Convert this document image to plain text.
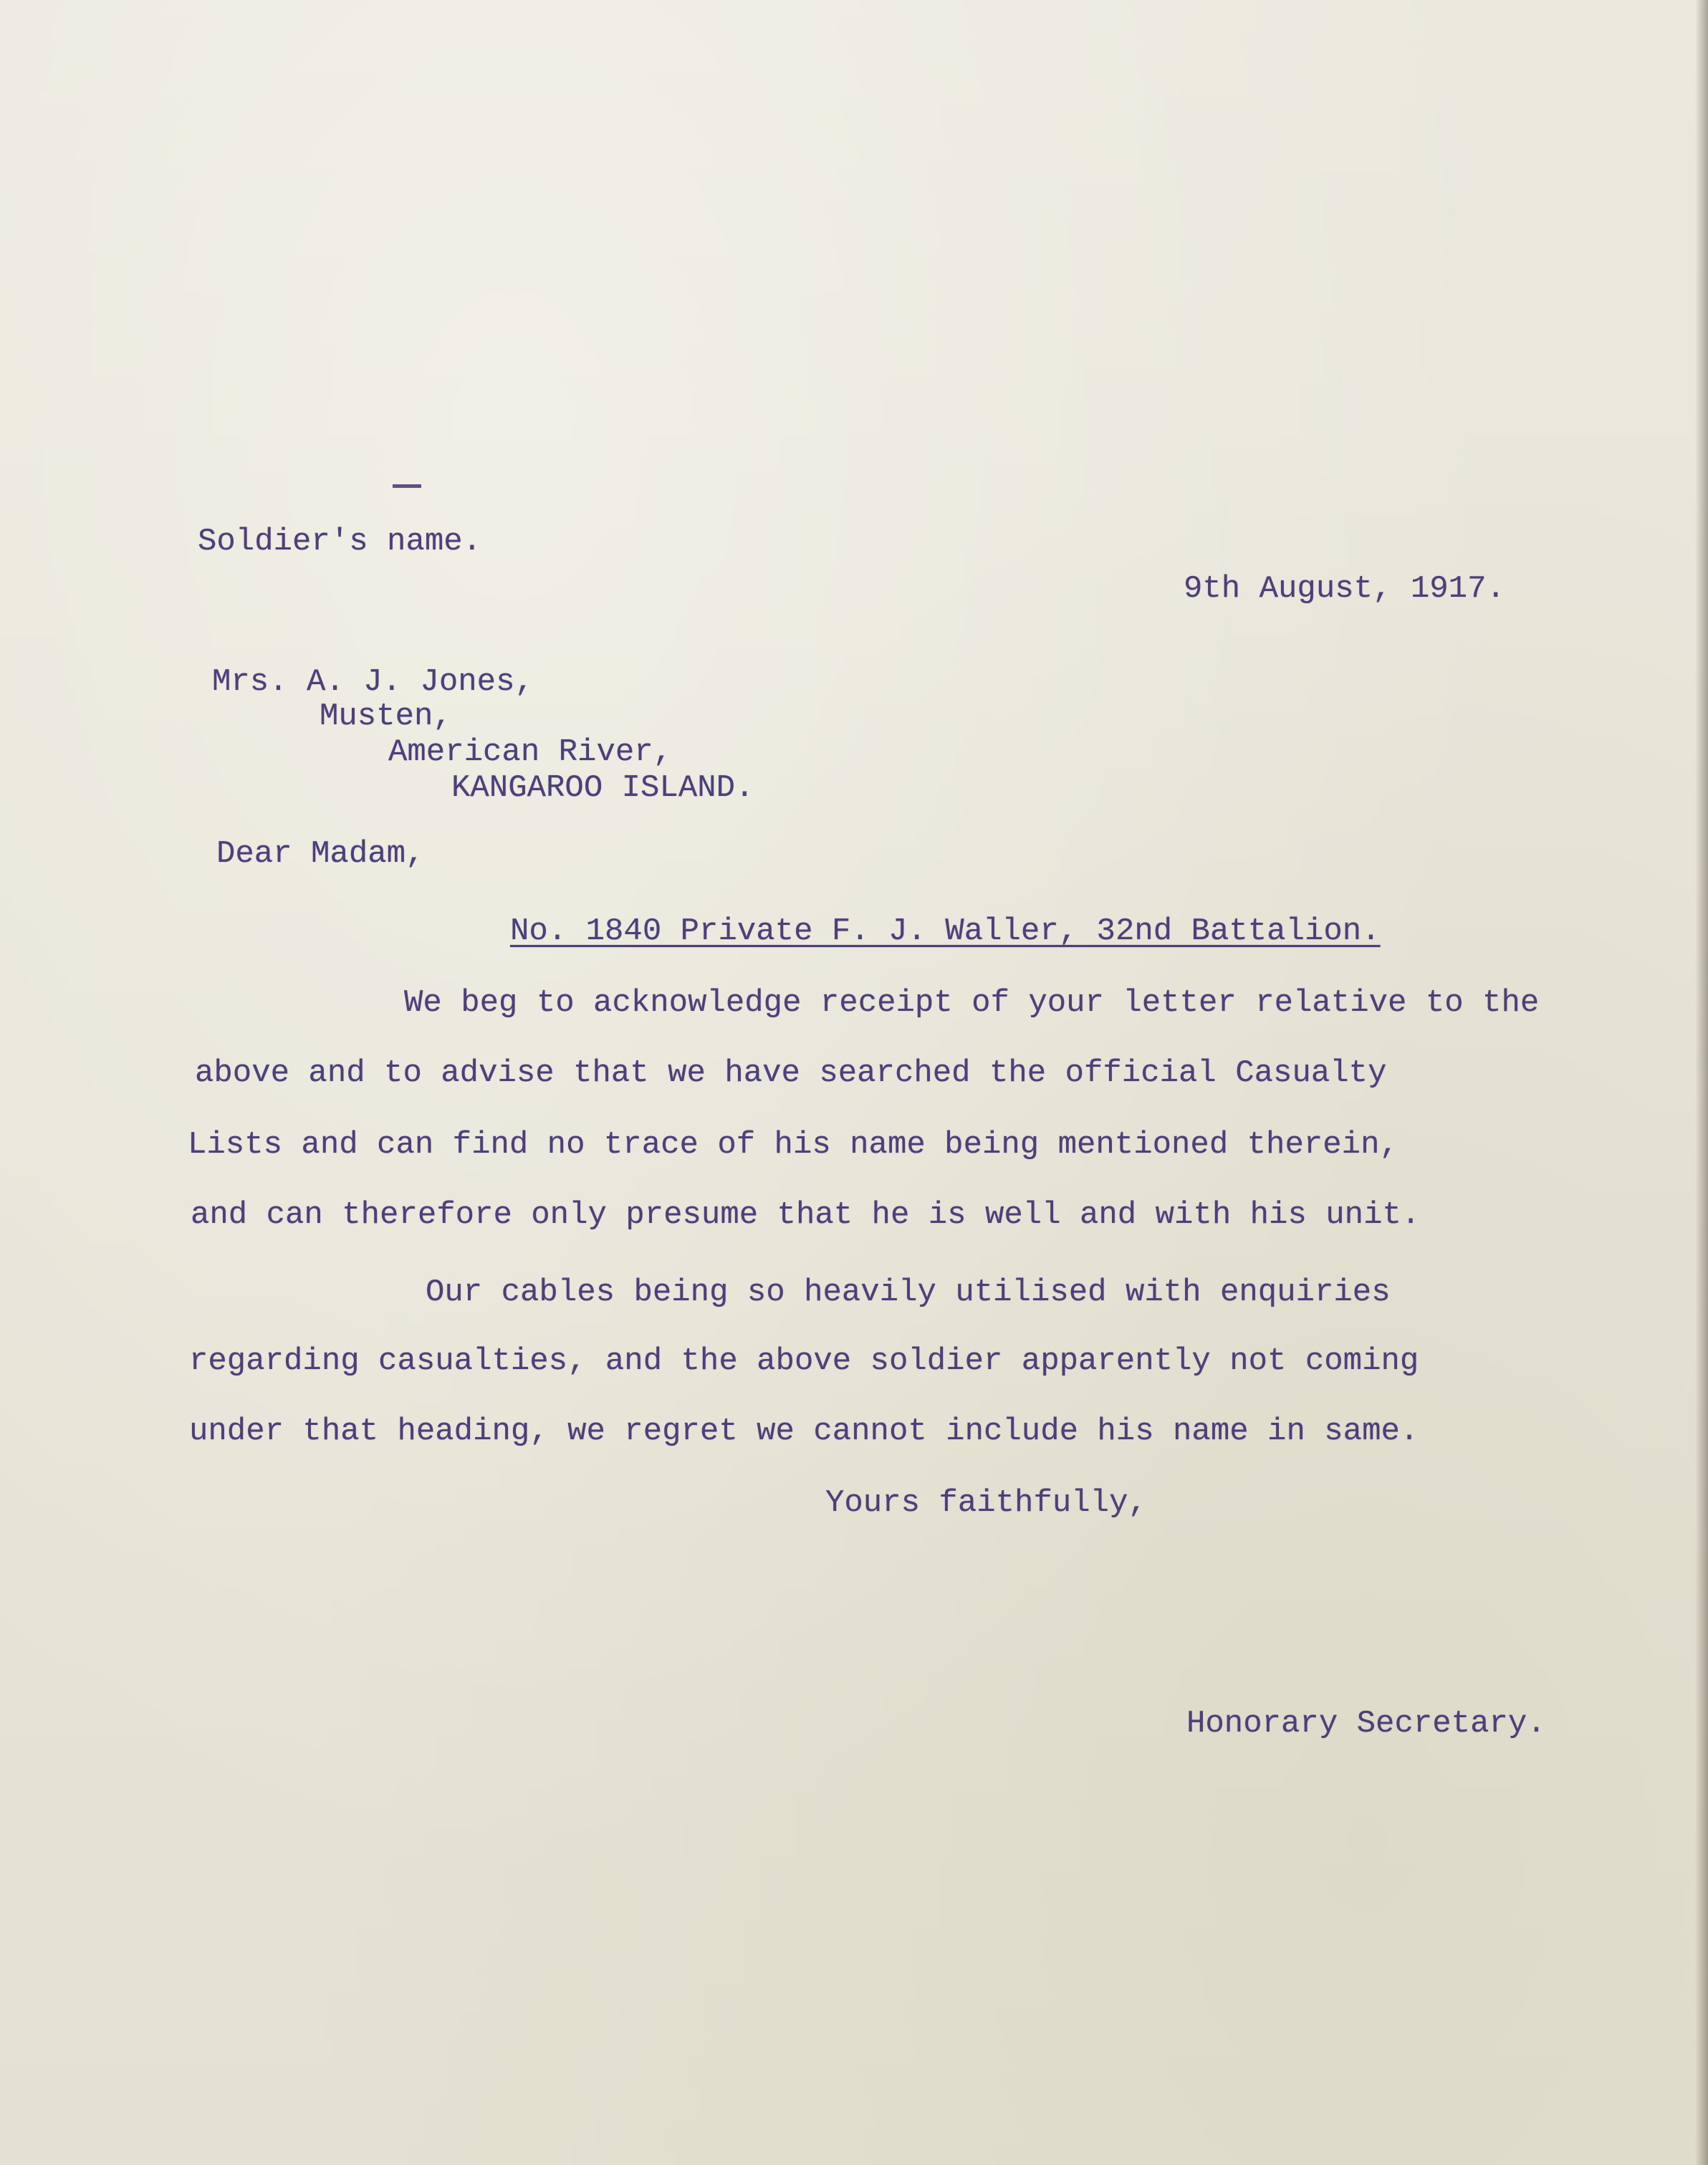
Soldier's name.

9th August, 1917.

Mrs. A. J. Jones,

Musten,

American River,

KANGAROO ISLAND.

Dear Madam,

No. 1840 Private F. J. Waller, 32nd Battalion.

We beg to acknowledge receipt of your letter relative to the

above and to advise that we have searched the official Casualty

Lists and can find no trace of his name being mentioned therein,

and can therefore only presume that he is well and with his unit.

Our cables being so heavily utilised with enquiries

regarding casualties, and the above soldier apparently not coming

under that heading, we regret we cannot include his name in same.

Yours faithfully,

Honorary Secretary.
